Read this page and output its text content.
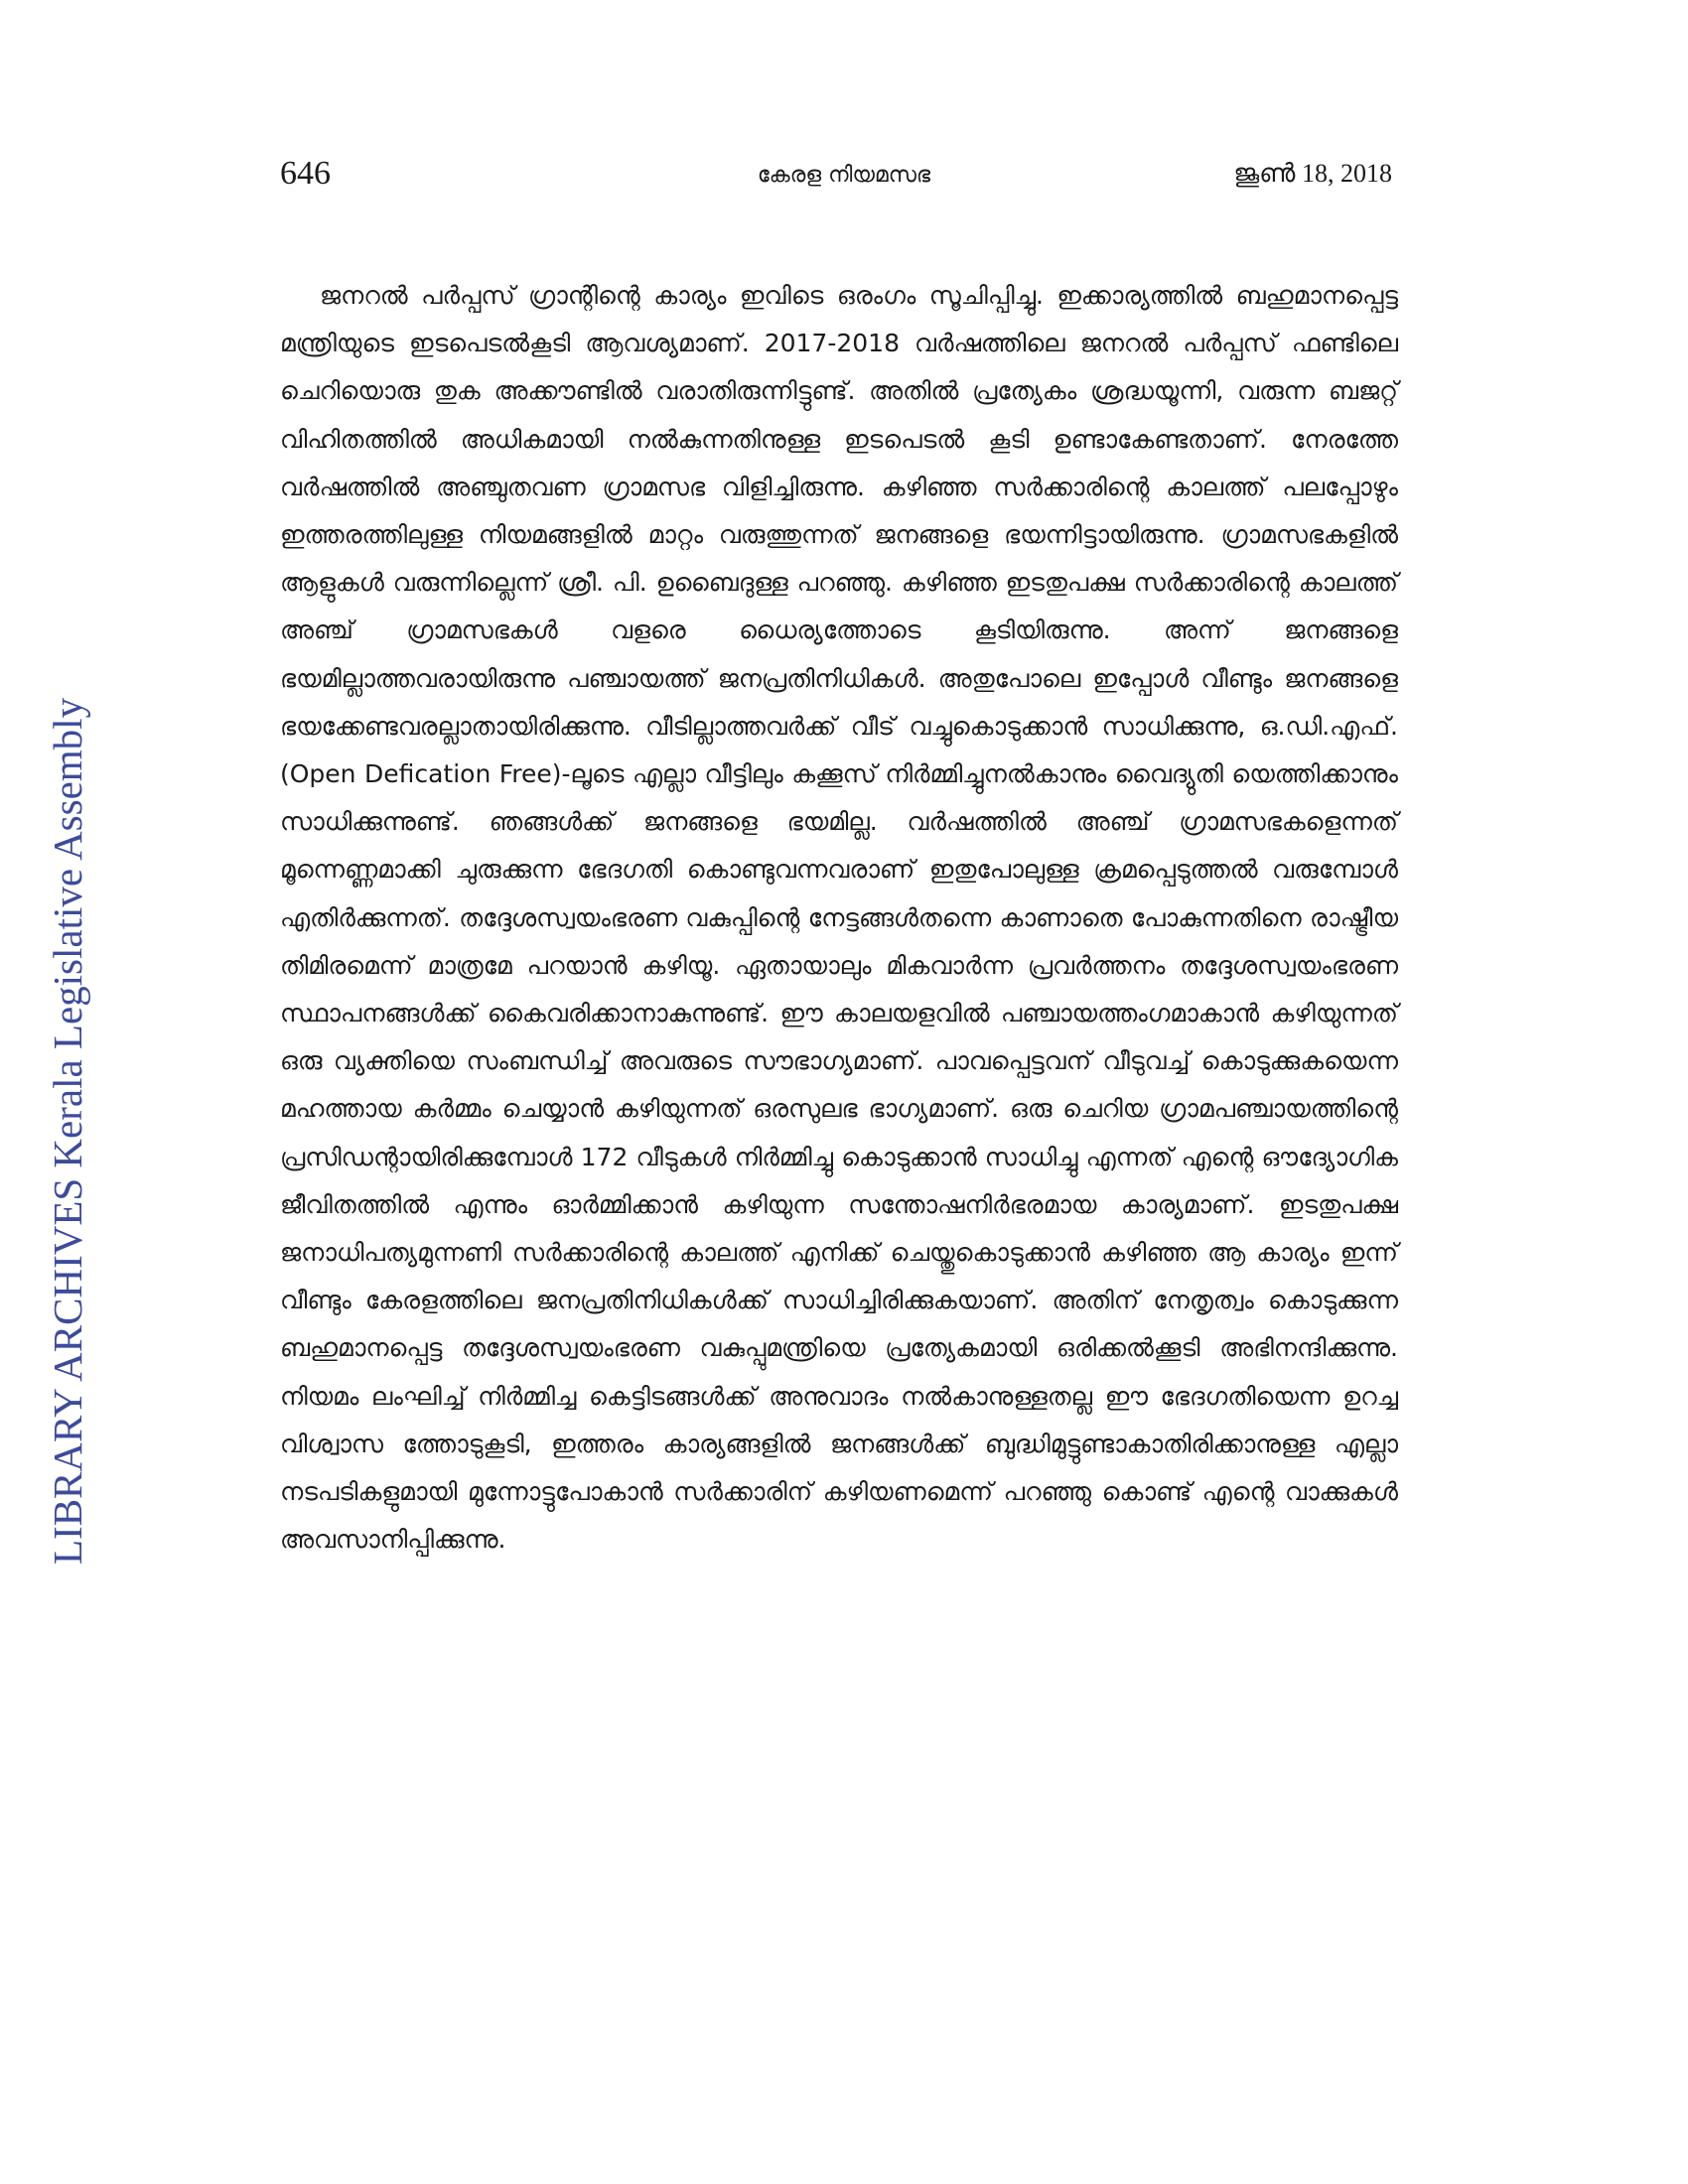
646	കേരള നിയമസഭ	ജൂൺ 18, 2018
LIBRARY ARCHIVES Kerala Legislative Assembly

ജനറൽ പർപ്പസ് ഗ്രാന്റിന്റെ കാര്യം ഇവിടെ ഒരംഗം സൂചിപ്പിച്ചു. ഇക്കാര്യത്തിൽ ബഹുമാനപ്പെട്ട മന്ത്രിയുടെ ഇടപെടൽകൂടി ആവശ്യമാണ്. 2017-2018 വർഷത്തിലെ ജനറൽ പർപ്പസ് ഫണ്ടിലെ ചെറിയൊരു തുക അക്കൗണ്ടിൽ വരാതിരുന്നിട്ടുണ്ട്. അതിൽ പ്രത്യേകം ശ്രദ്ധയൂന്നി, വരുന്ന ബജറ്റ് വിഹിതത്തിൽ അധികമായി നൽകുന്നതിനുള്ള ഇടപെടൽ കൂടി ഉണ്ടാകേണ്ടതാണ്. നേരത്തേ വർഷത്തിൽ അഞ്ചുതവണ ഗ്രാമസഭ വിളിച്ചിരുന്നു. കഴിഞ്ഞ സർക്കാരിന്റെ കാലത്ത് പലപ്പോഴും ഇത്തരത്തിലുള്ള നിയമങ്ങളിൽ മാറ്റം വരുത്തുന്നത് ജനങ്ങളെ ഭയന്നിട്ടായിരുന്നു. ഗ്രാമസഭകളിൽ ആളുകൾ വരുന്നില്ലെന്ന് ശ്രീ. പി. ഉബൈദുള്ള പറഞ്ഞു. കഴിഞ്ഞ ഇടതുപക്ഷ സർക്കാരിന്റെ കാലത്ത് അഞ്ച് ഗ്രാമസഭകൾ വളരെ ധൈര്യത്തോടെ കൂടിയിരുന്നു. അന്ന് ജനങ്ങളെ ഭയമില്ലാത്തവരായിരുന്നു പഞ്ചായത്ത് ജനപ്രതിനിധികൾ. അതുപോലെ ഇപ്പോൾ വീണ്ടും ജനങ്ങളെ ഭയക്കേണ്ടവരല്ലാതായിരിക്കുന്നു. വീടില്ലാത്തവർക്ക് വീട് വച്ചുകൊടുക്കാൻ സാധിക്കുന്നു, ഒ.ഡി.എഫ്. (Open Defication Free)-ലൂടെ എല്ലാ വീട്ടിലും കക്കൂസ് നിർമ്മിച്ചുനൽകാനും വൈദ്യുതി യെത്തിക്കാനും സാധിക്കുന്നുണ്ട്. ഞങ്ങൾക്ക് ജനങ്ങളെ ഭയമില്ല. വർഷത്തിൽ അഞ്ച് ഗ്രാമസഭകളെന്നത് മൂന്നെണ്ണമാക്കി ചുരുക്കുന്ന ഭേദഗതി കൊണ്ടുവന്നവരാണ് ഇതുപോലുള്ള ക്രമപ്പെടുത്തൽ വരുമ്പോൾ എതിർക്കുന്നത്. തദ്ദേശസ്വയംഭരണ വകുപ്പിന്റെ നേട്ടങ്ങൾതന്നെ കാണാതെ പോകുന്നതിനെ രാഷ്ട്രീയ തിമിരമെന്ന് മാത്രമേ പറയാൻ കഴിയൂ. ഏതായാലും മികവാർന്ന പ്രവർത്തനം തദ്ദേശസ്വയംഭരണ സ്ഥാപനങ്ങൾക്ക് കൈവരിക്കാനാകുന്നുണ്ട്. ഈ കാലയളവിൽ പഞ്ചായത്തംഗമാകാൻ കഴിയുന്നത് ഒരു വ്യക്തിയെ സംബന്ധിച്ച് അവരുടെ സൗഭാഗ്യമാണ്. പാവപ്പെട്ടവന് വീടുവച്ച് കൊടുക്കുകയെന്ന മഹത്തായ കർമ്മം ചെയ്യാൻ കഴിയുന്നത് ഒരസുലഭ ഭാഗ്യമാണ്. ഒരു ചെറിയ ഗ്രാമപഞ്ചായത്തിന്റെ പ്രസിഡന്റായിരിക്കുമ്പോൾ 172 വീടുകൾ നിർമ്മിച്ചു കൊടുക്കാൻ സാധിച്ചു എന്നത് എന്റെ ഔദ്യോഗിക ജീവിതത്തിൽ എന്നും ഓർമ്മിക്കാൻ കഴിയുന്ന സന്തോഷനിർഭരമായ കാര്യമാണ്. ഇടതുപക്ഷ ജനാധിപത്യമുന്നണി സർക്കാരിന്റെ കാലത്ത് എനിക്ക് ചെയ്തുകൊടുക്കാൻ കഴിഞ്ഞ ആ കാര്യം ഇന്ന് വീണ്ടും കേരളത്തിലെ ജനപ്രതിനിധികൾക്ക് സാധിച്ചിരിക്കുകയാണ്. അതിന് നേതൃത്വം കൊടുക്കുന്ന ബഹുമാനപ്പെട്ട തദ്ദേശസ്വയംഭരണ വകുപ്പുമന്ത്രിയെ പ്രത്യേകമായി ഒരിക്കൽക്കൂടി അഭിനന്ദിക്കുന്നു. നിയമം ലംഘിച്ച് നിർമ്മിച്ച കെട്ടിടങ്ങൾക്ക് അനുവാദം നൽകാനുള്ളതല്ല ഈ ഭേദഗതിയെന്ന ഉറച്ച വിശ്വാസ ത്തോടുകൂടി, ഇത്തരം കാര്യങ്ങളിൽ ജനങ്ങൾക്ക് ബുദ്ധിമുട്ടുണ്ടാകാതിരിക്കാനുള്ള എല്ലാ നടപടികളുമായി മുന്നോട്ടുപോകാൻ സർക്കാരിന് കഴിയണമെന്ന് പറഞ്ഞു കൊണ്ട് എന്റെ വാക്കുകൾ അവസാനിപ്പിക്കുന്നു.
